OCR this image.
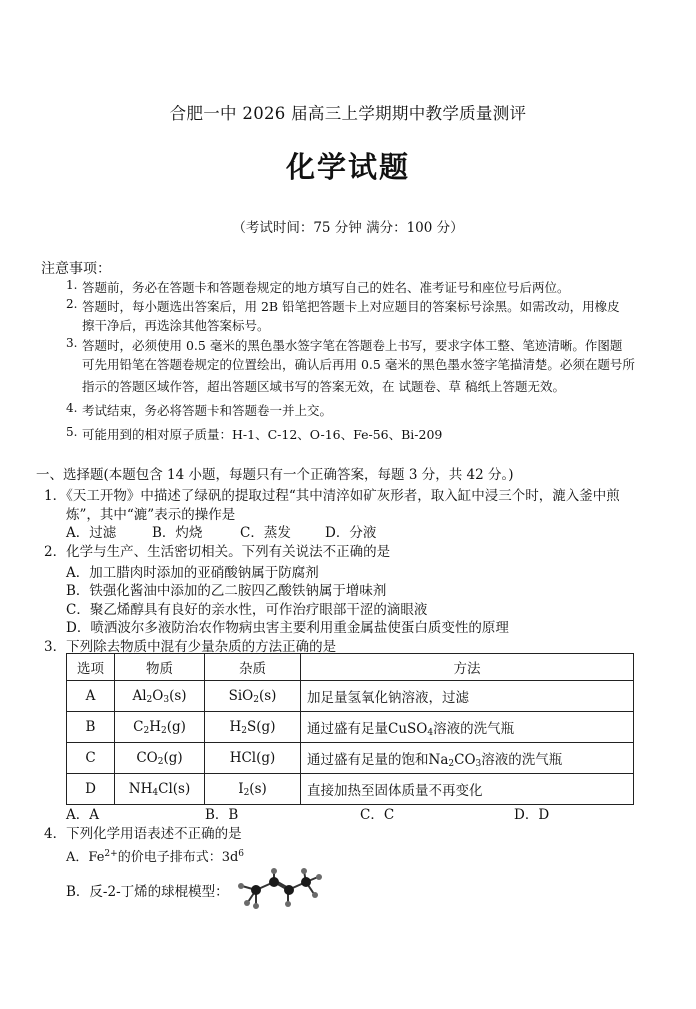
合肥一中 2026 届高三上学期期中教学质量测评
化学试题
（考试时间：75 分钟 满分：100 分）
注意事项：
1. 答题前，务必在答题卡和答题卷规定的地方填写自己的姓名、准考证号和座位号后两位。
2. 答题时，每小题选出答案后，用 2B 铅笔把答题卡上对应题目的答案标号涂黑。如需改动，用橡皮
擦干净后，再选涂其他答案标号。
3. 答题时，必须使用 0.5 毫米的黑色墨水签字笔在答题卷上书写，要求字体工整、笔迹清晰。作图题
可先用铅笔在答题卷规定的位置绘出，确认后再用 0.5 毫米的黑色墨水签字笔描清楚。必须在题号所
指示的答题区域作答，超出答题区域书写的答案无效，在 试题卷、草 稿纸上答题无效。
4. 考试结束，务必将答题卡和答题卷一并上交。
5. 可能用到的相对原子质量：H-1、C-12、O-16、Fe-56、Bi-209
一、选择题(本题包含 14 小题，每题只有一个正确答案，每题 3 分，共 42 分。)
1．《天工开物》中描述了绿矾的提取过程“其中清淬如矿灰形者，取入缸中浸三个时，漉入釜中煎
炼”，其中“漉”表示的操作是
A．过滤	B．灼烧	C．蒸发	D．分液
2．化学与生产、生活密切相关。下列有关说法不正确的是
A．加工腊肉时添加的亚硝酸钠属于防腐剂
B．铁强化酱油中添加的乙二胺四乙酸铁钠属于增味剂
C．聚乙烯醇具有良好的亲水性，可作治疗眼部干涩的滴眼液
D．喷洒波尔多液防治农作物病虫害主要利用重金属盐使蛋白质变性的原理
3．下列除去物质中混有少量杂质的方法正确的是
选项	物质	杂质	方法
A	$Al_2O_3(s)$	SiO$_2$(s)	加足量氢氧化钠溶液，过滤
B	$C_2H_2(g)$	$H_2S(g)$	通过盛有足量CuSO$_4$溶液的洗气瓶
C	$CO_2(g)$	HCl(g)	通过盛有足量的饱和$Na_2CO_3$溶液的洗气瓶
D	$NH_4Cl(s)$	$I_2(s)$	直接加热至固体质量不再变化
A．A	B．B	C．C	D．D
4．下列化学用语表述不正确的是
A．$Fe^{2+}$的价电子排布式：$3d^6$
B．反-2-丁烯的球棍模型：
